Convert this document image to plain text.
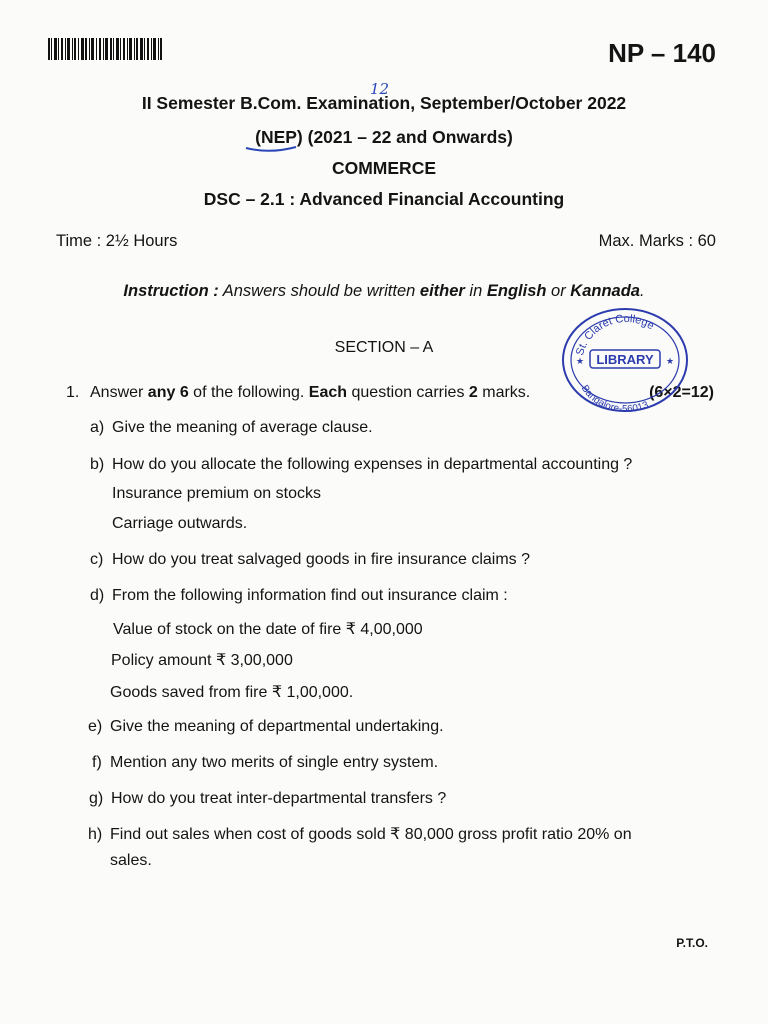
NP – 140
II Semester B.Com. Examination, September/October 2022
(NEP) (2021 – 22 and Onwards)
COMMERCE
DSC – 2.1 : Advanced Financial Accounting
Time : 2½ Hours	Max. Marks : 60
Instruction : Answers should be written either in English or Kannada.
SECTION – A
1. Answer any 6 of the following. Each question carries 2 marks.	(6×2=12)
a) Give the meaning of average clause.
b) How do you allocate the following expenses in departmental accounting ?
Insurance premium on stocks
Carriage outwards.
c) How do you treat salvaged goods in fire insurance claims ?
d) From the following information find out insurance claim :
Value of stock on the date of fire ₹ 4,00,000
Policy amount ₹ 3,00,000
Goods saved from fire ₹ 1,00,000.
e) Give the meaning of departmental undertaking.
f) Mention any two merits of single entry system.
g) How do you treat inter-departmental transfers ?
h) Find out sales when cost of goods sold ₹ 80,000 gross profit ratio 20% on
sales.
P.T.O.
St. Claret College
Bangalore-56013
LIBRARY
★	★
12
